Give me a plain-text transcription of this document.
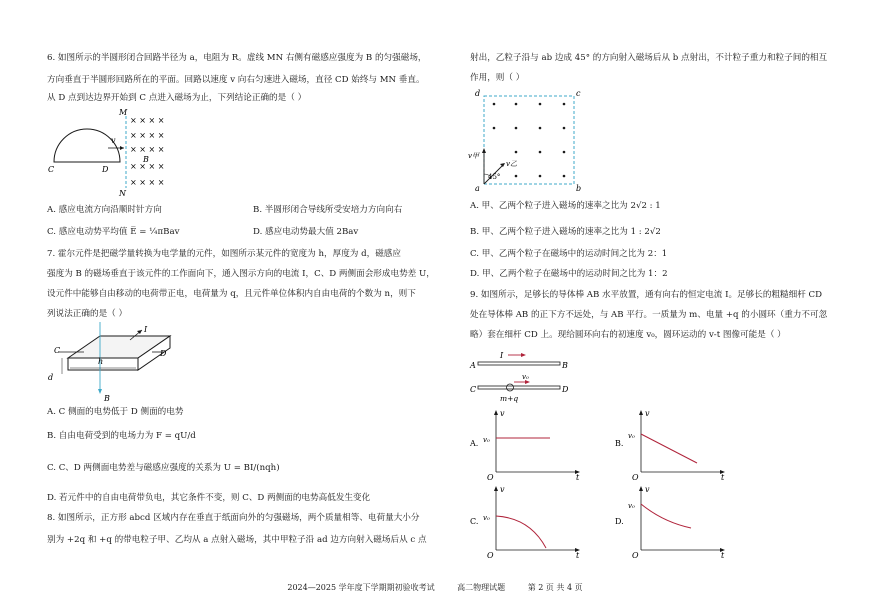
6. 如图所示的半圆形闭合回路半径为 a，电阻为 R。虚线 MN 右侧有磁感应强度为 B 的匀强磁场，
方向垂直于半圆形回路所在的平面。回路以速度 v 向右匀速进入磁场，直径 CD 始终与 MN 垂直。
从 D 点到达边界开始到 C 点进入磁场为止，下列结论正确的是（ ）
v
M
N
C	D
× × × ×
× × × ×
× × × ×
B
× × × ×
× × × ×
A. 感应电流方向沿顺时针方向	B. 半圆形闭合导线所受安培力方向向右
C. 感应电动势平均值 E̅ = ¼πBav	D. 感应电动势最大值 2Bav
7. 霍尔元件是把磁学量转换为电学量的元件，如图所示某元件的宽度为 h，厚度为 d，磁感应
强度为 B 的磁场垂直于该元件的工作面向下，通入图示方向的电流 I，C、D 两侧面会形成电势差 U，
设元件中能够自由移动的电荷带正电，电荷量为 q，且元件单位体积内自由电荷的个数为 n，则下
列说法正确的是（ ）
B
I
C	D
h
d
A. C 侧面的电势低于 D 侧面的电势
B. 自由电荷受到的电场力为 F = qU/d
C. C、D 两侧面电势差与磁感应强度的关系为 U = BI/(nqh)
D. 若元件中的自由电荷带负电，其它条件不变，则 C、D 两侧面的电势高低发生变化
8. 如图所示，正方形 abcd 区域内存在垂直于纸面向外的匀强磁场，两个质量相等、电荷量大小分
别为 +2q 和 +q 的带电粒子甲、乙均从 a 点射入磁场，其中甲粒子沿 ad 边方向射入磁场后从 c 点
射出，乙粒子沿与 ab 边成 45° 的方向射入磁场后从 b 点射出，不计粒子重力和粒子间的相互
作用，则（ ）
d	c
a	b
v甲
v乙
45°
A. 甲、乙两个粒子进入磁场的速率之比为 2√2 : 1
B. 甲、乙两个粒子进入磁场的速率之比为 1 : 2√2
C. 甲、乙两个粒子在磁场中的运动时间之比为 2：1
D. 甲、乙两个粒子在磁场中的运动时间之比为 1：2
9. 如图所示，足够长的导体棒 AB 水平放置，通有向右的恒定电流 I。足够长的粗糙细杆 CD
处在导体棒 AB 的正下方不远处，与 AB 平行。一质量为 m、电量 +q 的小圆环（重力不可忽
略）套在细杆 CD 上。现给圆环向右的初速度 v₀，圆环运动的 v-t 图像可能是（ ）
A	B
I
C	D
v₀
m+q
A.
v
t
O
v₀	B.
v
t
O
v₀
C.
v
t
O
v₀	D.
v
t
O
v₀
2024—2025 学年度下学期期初验收考试	高二物理试题	第 2 页 共 4 页
